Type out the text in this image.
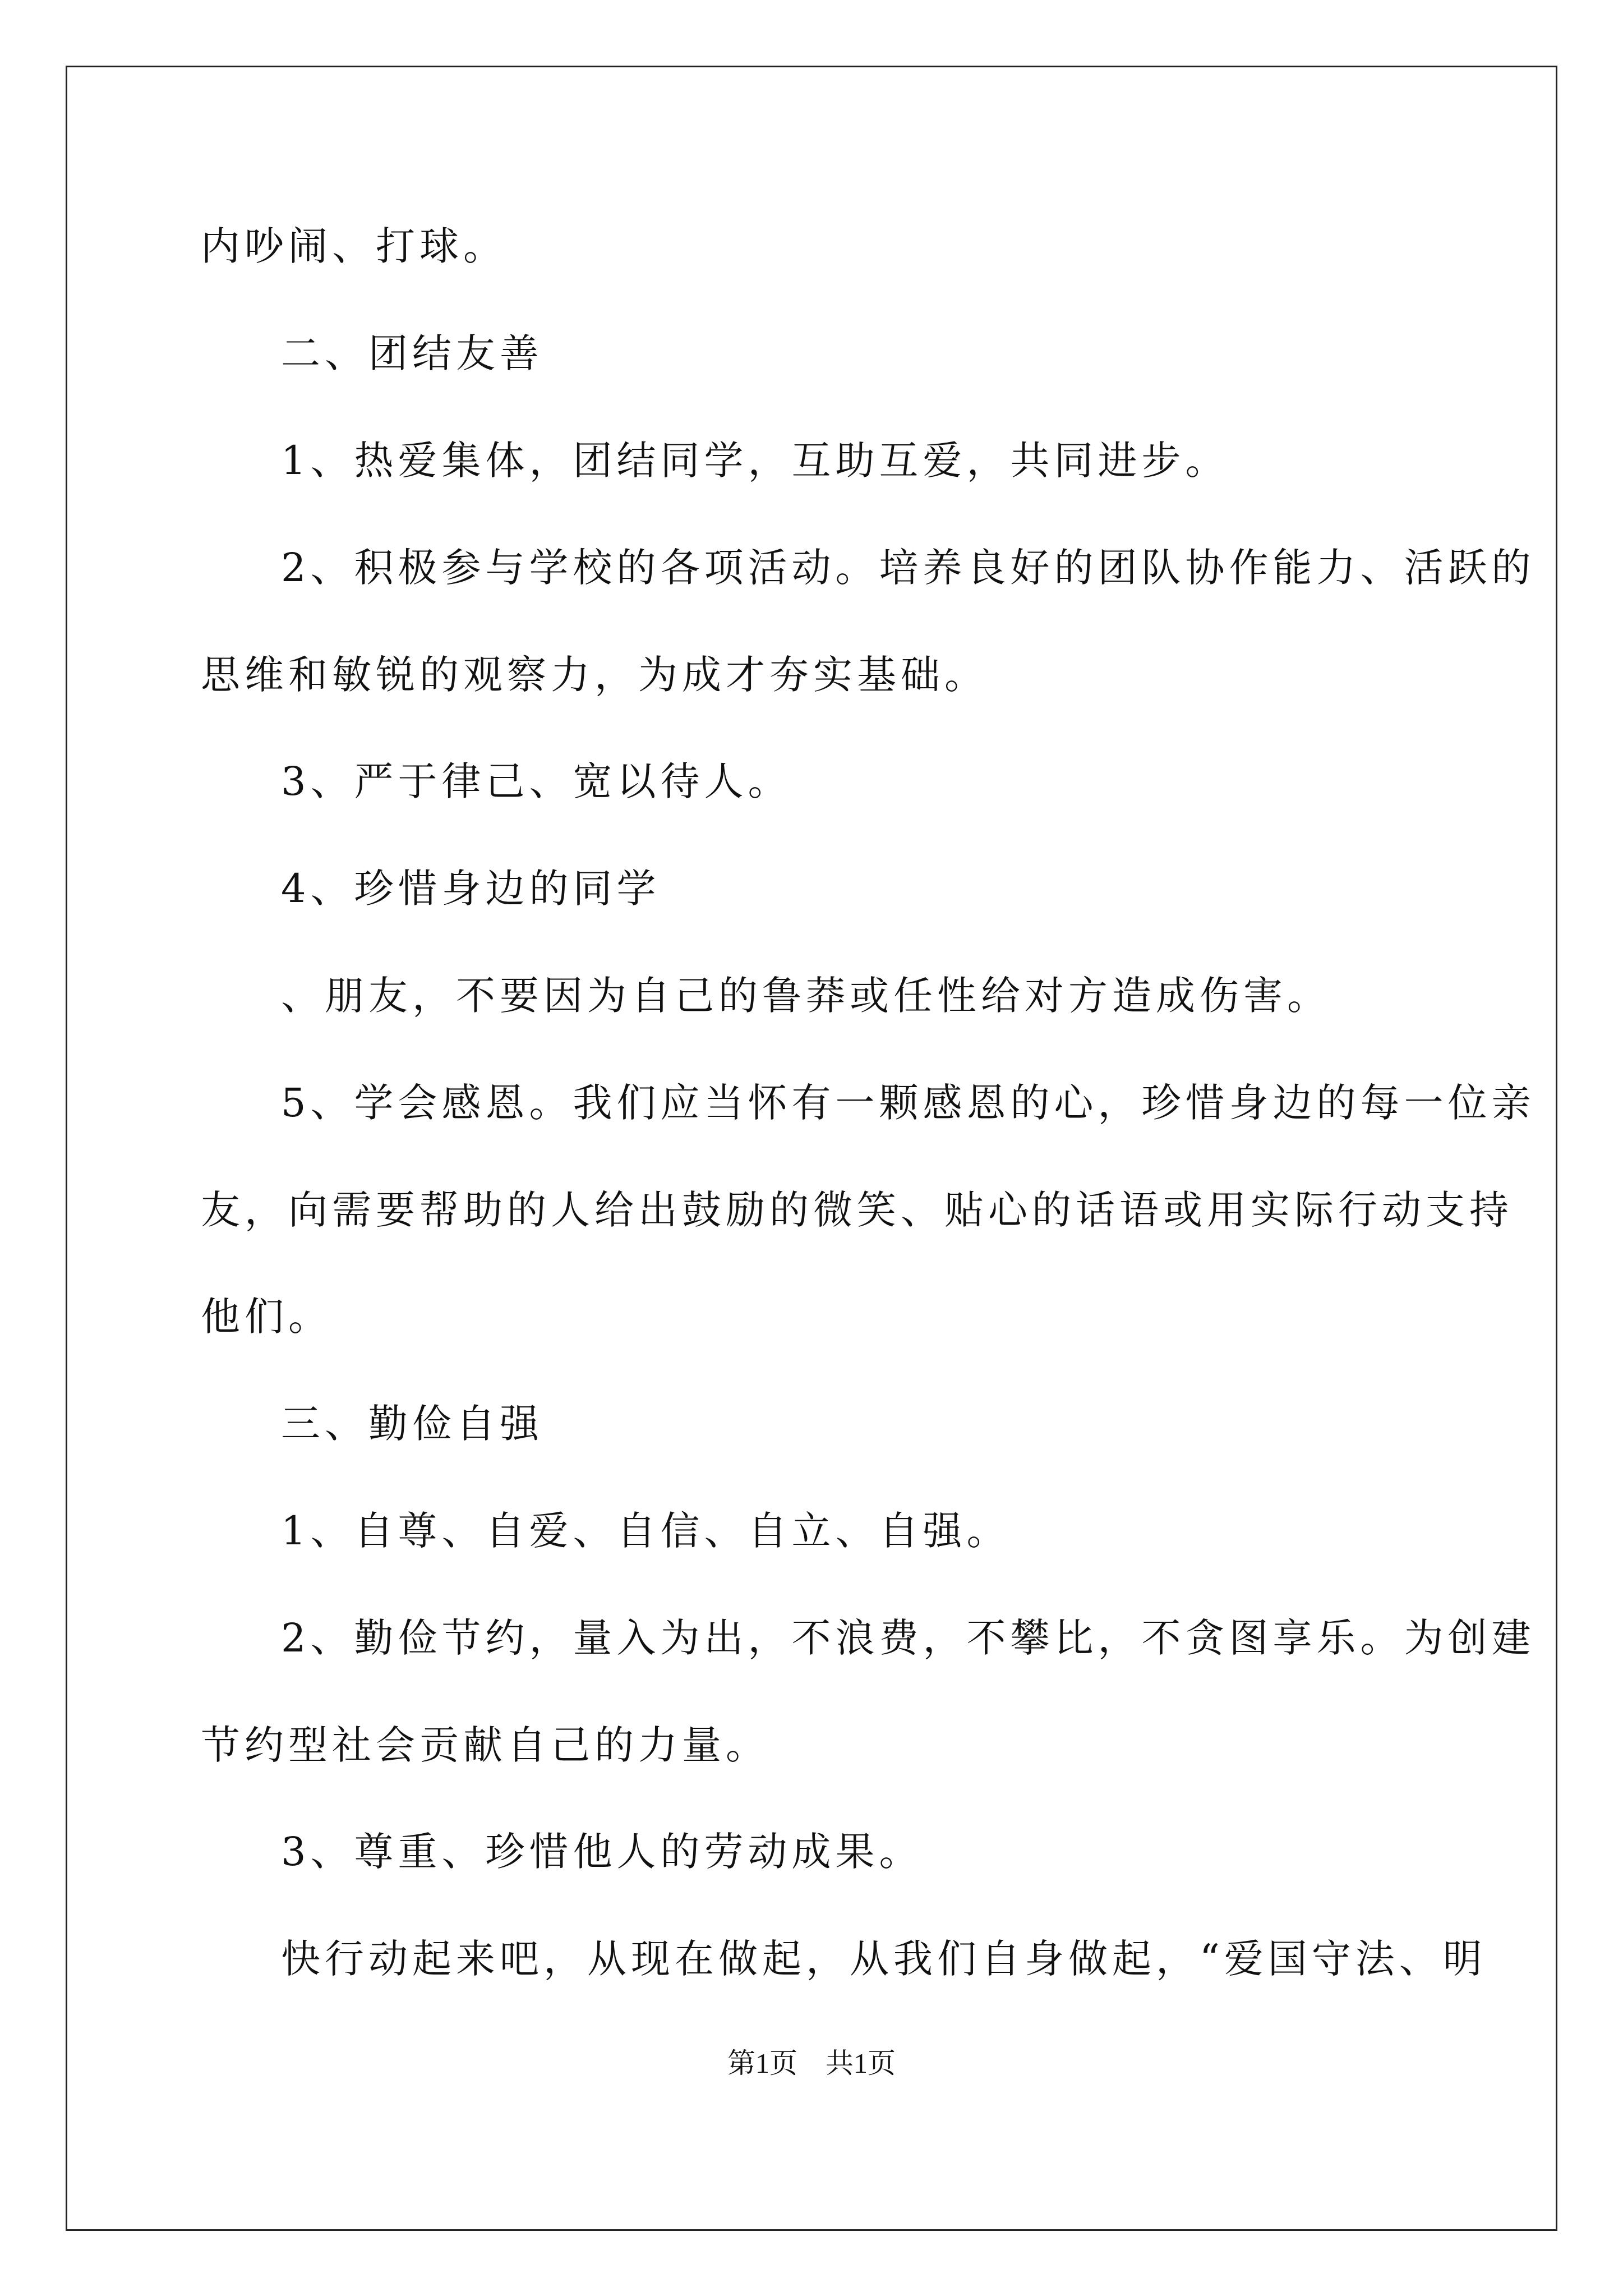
内吵闹、打球。
二、团结友善
1、热爱集体，团结同学，互助互爱，共同进步。
2、积极参与学校的各项活动。培养良好的团队协作能力、活跃的
思维和敏锐的观察力，为成才夯实基础。
3、严于律己、宽以待人。
4、珍惜身边的同学
、朋友，不要因为自己的鲁莽或任性给对方造成伤害。
5、学会感恩。我们应当怀有一颗感恩的心，珍惜身边的每一位亲
友，向需要帮助的人给出鼓励的微笑、贴心的话语或用实际行动支持
他们。
三、勤俭自强
1、自尊、自爱、自信、自立、自强。
2、勤俭节约，量入为出，不浪费，不攀比，不贪图享乐。为创建
节约型社会贡献自己的力量。
3、尊重、珍惜他人的劳动成果。
快行动起来吧，从现在做起，从我们自身做起，“爱国守法、明
第1页 共1页
